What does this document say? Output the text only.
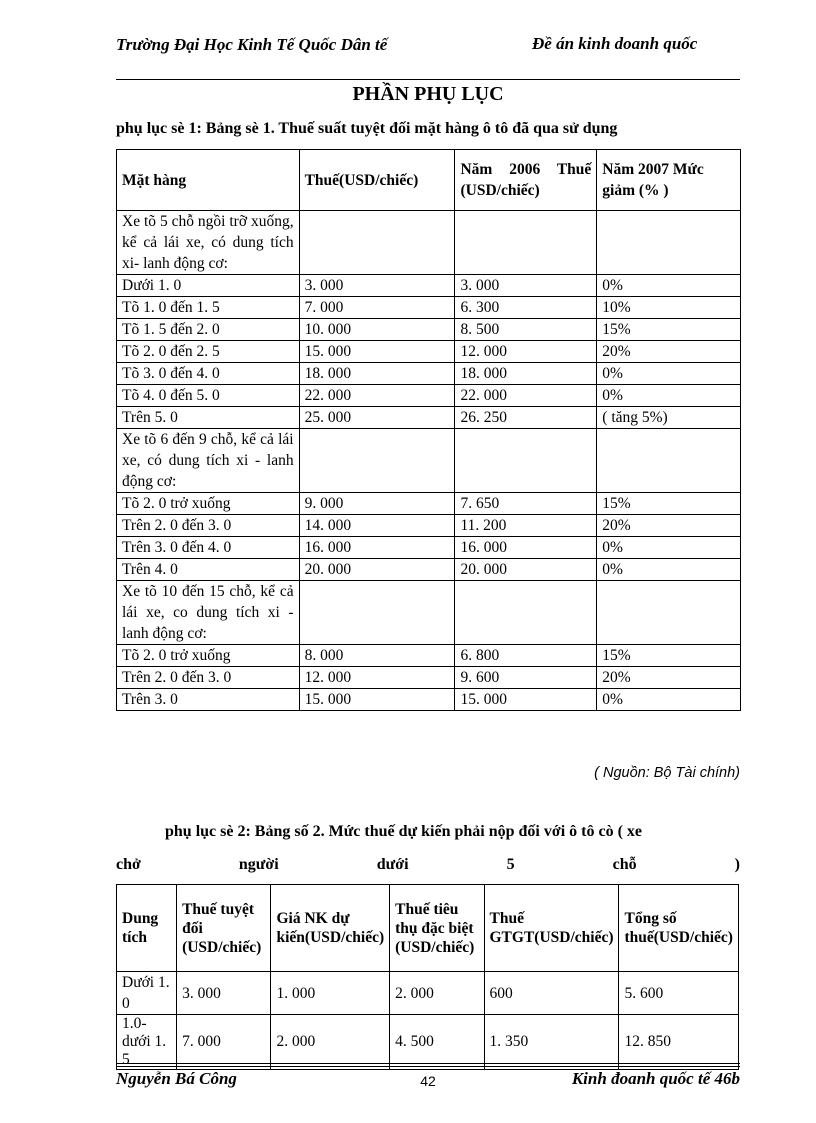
Trường Đại Học Kinh Tế Quốc Dân tế	Đề án kinh doanh quốc
PHẦN PHỤ LỤC
phụ lục sè 1: Bảng sè 1. Thuế suất tuyệt đối mặt hàng ô tô đã qua sử dụng
Mặt hàng	Thuế(USD/chiếc)	Năm 2006 Thuế (USD/chiếc)	Năm 2007 Mức giảm (% )
Xe tõ 5 chỗ ngồi trỡ xuống, kể cả lái xe, có dung tích xi- lanh động cơ:			
Dưới 1. 0	3. 000	3. 000	0%
Tõ 1. 0 đến 1. 5	7. 000	6. 300	10%
Tõ 1. 5 đến 2. 0	10. 000	8. 500	15%
Tõ 2. 0 đến 2. 5	15. 000	12. 000	20%
Tõ 3. 0 đến 4. 0	18. 000	18. 000	0%
Tõ 4. 0 đến 5. 0	22. 000	22. 000	0%
Trên 5. 0	25. 000	26. 250	( tăng 5%)
Xe tõ 6 đến 9 chỗ, kể cả lái xe, có dung tích xi - lanh động cơ:			
Tõ 2. 0 trở xuống	9. 000	7. 650	15%
Trên 2. 0 đến 3. 0	14. 000	11. 200	20%
Trên 3. 0 đến 4. 0	16. 000	16. 000	0%
Trên 4. 0	20. 000	20. 000	0%
Xe tõ 10 đến 15 chỗ, kể cả lái xe, co dung tích xi - lanh động cơ:			
Tõ 2. 0 trở xuống	8. 000	6. 800	15%
Trên 2. 0 đến 3. 0	12. 000	9. 600	20%
Trên 3. 0	15. 000	15. 000	0%
( Nguồn: Bộ Tài chính)
phụ lục sè 2: Bảng số 2. Mức thuế dự kiến phải nộp đối với ô tô cò ( xe
chở	người	dưới	5	chỗ	)
Dung tích	Thuế tuyệt đối (USD/chiếc)	Giá NK dự kiến(USD/chiếc)	Thuế tiêu thụ đặc biệt (USD/chiếc)	Thuế GTGT(USD/chiếc)	Tổng số thuế(USD/chiếc)
Dưới 1. 0	3. 000	1. 000	2. 000	600	5. 600
1.0- dưới 1. 5	7. 000	2. 000	4. 500	1. 350	12. 850
Nguyễn Bá Công	42	Kinh đoanh quốc tế 46b
